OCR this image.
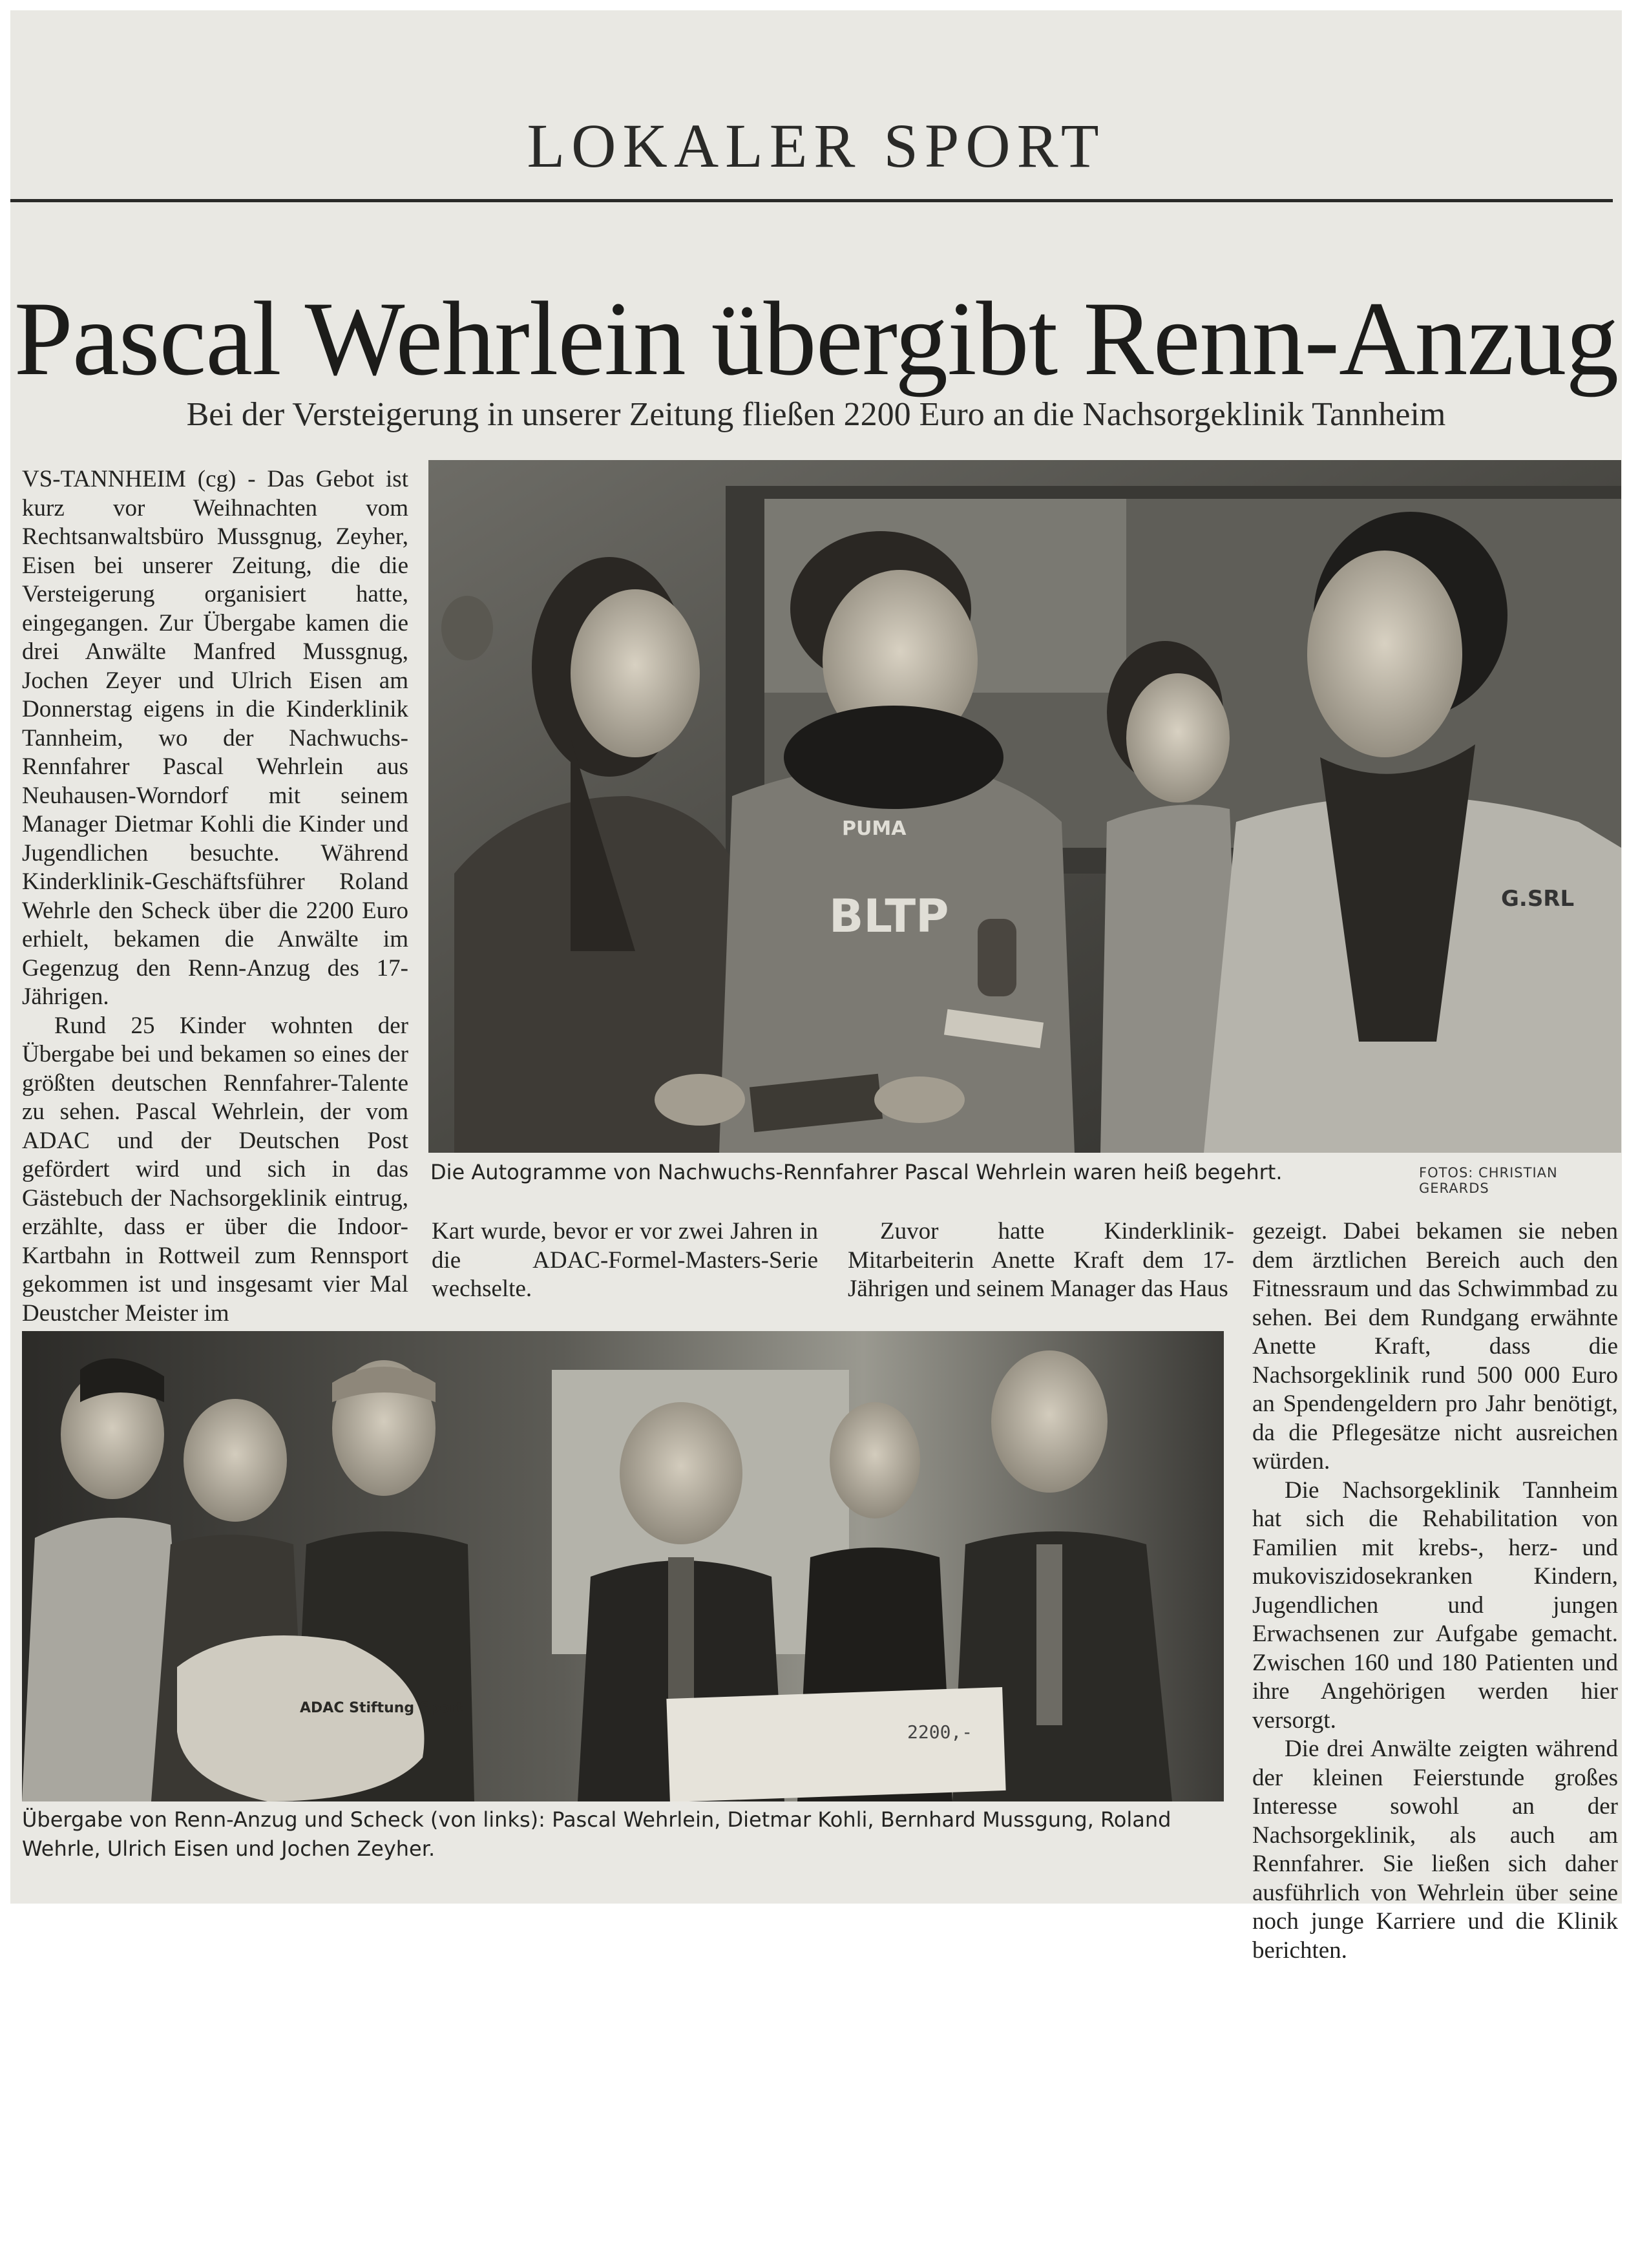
LOKALER SPORT
Pascal Wehrlein übergibt Renn-Anzug
Bei der Versteigerung in unserer Zeitung fließen 2200 Euro an die Nachsorgeklinik Tannheim

VS-TANNHEIM (cg) - Das Gebot ist kurz vor Weihnachten vom Rechtsanwaltsbüro Mussgnug, Zeyher, Eisen bei unserer Zeitung, die die Versteigerung organisiert hatte, eingegangen. Zur Übergabe kamen die drei Anwälte Manfred Mussgnug, Jochen Zeyer und Ulrich Eisen am Donnerstag eigens in die Kinderklinik Tannheim, wo der Nachwuchs-Rennfahrer Pascal Wehrlein aus Neuhausen-Worndorf mit seinem Manager Dietmar Kohli die Kinder und Jugendlichen besuchte. Während Kinderklinik-Geschäftsführer Roland Wehrle den Scheck über die 2200 Euro erhielt, bekamen die Anwälte im Gegenzug den Renn-Anzug des 17-Jährigen.

Rund 25 Kinder wohnten der Übergabe bei und bekamen so eines der größten deutschen Rennfahrer-Talente zu sehen. Pascal Wehrlein, der vom ADAC und der Deutschen Post gefördert wird und sich in das Gästebuch der Nachsorgeklinik eintrug, erzählte, dass er über die Indoor-Kartbahn in Rottweil zum Rennsport gekommen ist und insgesamt vier Mal Deustcher Meister im

BLTP
PUMA
G.SRL
Die Autogramme von Nachwuchs-Rennfahrer Pascal Wehrlein waren heiß begehrt.	FOTOS: CHRISTIAN GERARDS

Kart wurde, bevor er vor zwei Jahren in die ADAC-Formel-Masters-Serie wechselte.

Zuvor hatte Kinderklinik-Mitarbeiterin Anette Kraft dem 17-Jährigen und seinem Manager das Haus

gezeigt. Dabei bekamen sie neben dem ärztlichen Bereich auch den Fitnessraum und das Schwimmbad zu sehen. Bei dem Rundgang erwähnte Anette Kraft, dass die Nachsorgeklinik rund 500 000 Euro an Spendengeldern pro Jahr benötigt, da die Pflegesätze nicht ausreichen würden.

Die Nachsorgeklinik Tannheim hat sich die Rehabilitation von Familien mit krebs-, herz- und mukoviszidosekranken Kindern, Jugendlichen und jungen Erwachsenen zur Aufgabe gemacht. Zwischen 160 und 180 Patienten und ihre Angehörigen werden hier versorgt.

Die drei Anwälte zeigten während der kleinen Feierstunde großes Interesse sowohl an der Nachsorgeklinik, als auch am Rennfahrer. Sie ließen sich daher ausführlich von Wehrlein über seine noch junge Karriere und die Klinik berichten.

ADAC Stiftung Sport
2200,-
Übergabe von Renn-Anzug und Scheck (von links): Pascal Wehrlein, Dietmar Kohli, Bernhard Mussgung, Roland Wehrle, Ulrich Eisen und Jochen Zeyher.
